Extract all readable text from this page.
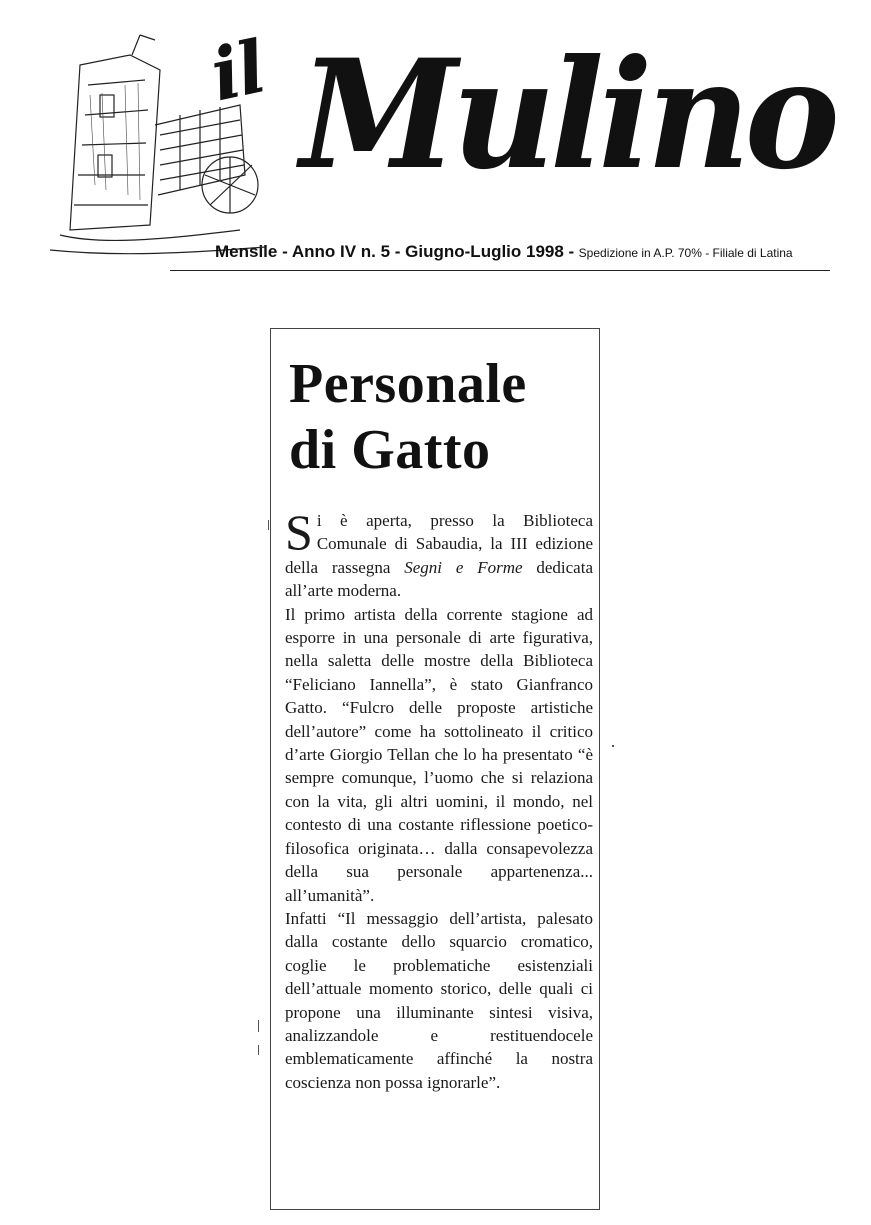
il Mulino
Mensile - Anno IV n. 5 - Giugno-Luglio 1998 - Spedizione in A.P. 70% - Filiale di Latina
Personale
di Gatto

Si è aperta, presso la Biblioteca Comunale di Sabaudia, la III edizione della rassegna Segni e Forme dedicata all’arte moderna.

Il primo artista della corrente stagione ad esporre in una personale di arte figurativa, nella saletta delle mostre della Biblioteca “Feliciano Iannella”, è stato Gianfranco Gatto. “Fulcro delle proposte artistiche dell’autore” come ha sottolineato il critico d’arte Giorgio Tellan che lo ha presentato “è sempre comunque, l’uomo che si relaziona con la vita, gli altri uomini, il mondo, nel contesto di una costante riflessione poetico-filosofica originata… dalla consapevolezza della sua personale appartenenza... all’umanità”.

Infatti “Il messaggio dell’artista, palesato dalla costante dello squarcio cromatico, coglie le problematiche esistenziali dell’attuale momento storico, delle quali ci propone una illuminante sintesi visiva, analizzandole e restituendocele emblematicamente affinché la nostra coscienza non possa ignorarle”.
